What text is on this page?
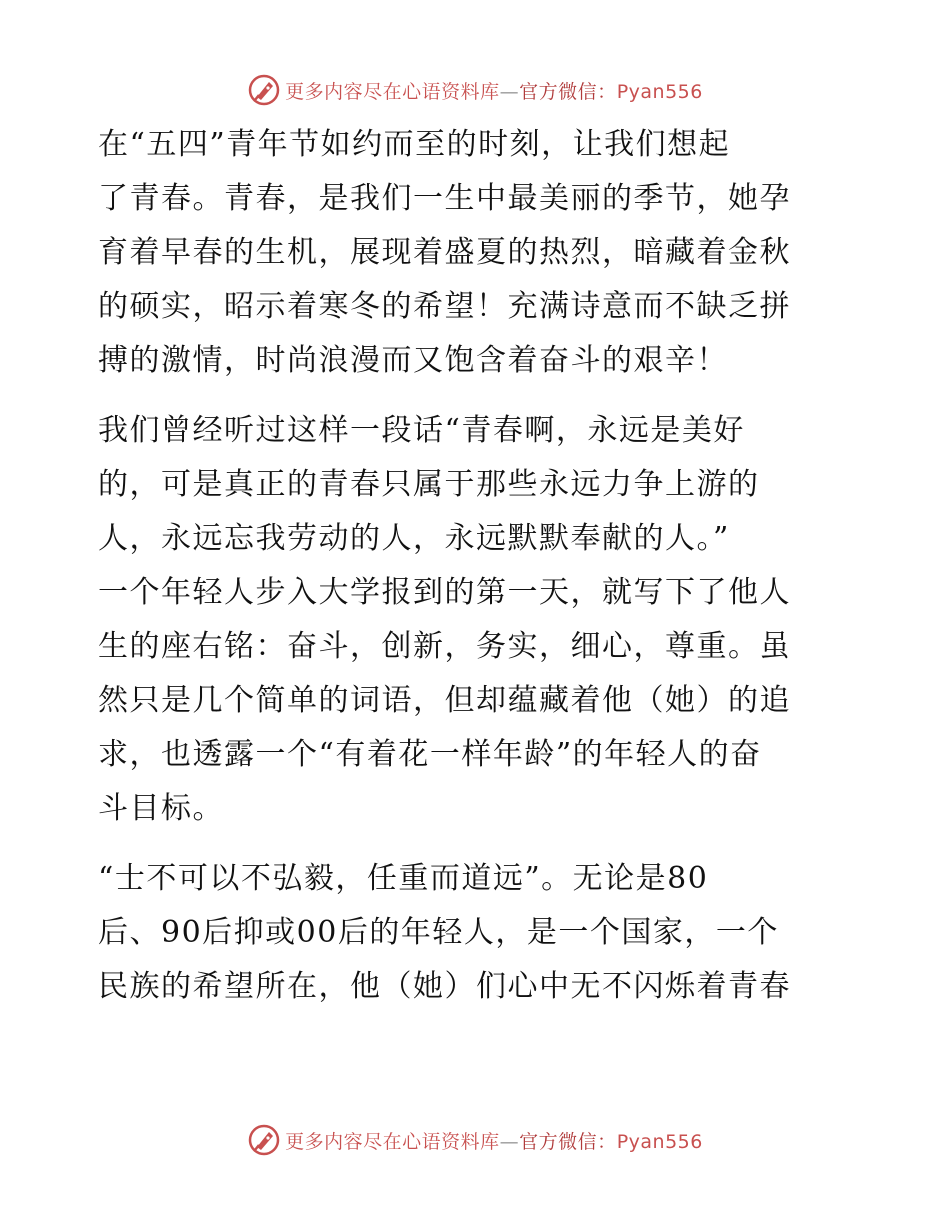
更多内容尽在心语资料库—官方微信：Pyan556
在“五四”青年节如约而至的时刻，让我们想起
了青春。青春，是我们一生中最美丽的季节，她孕
育着早春的生机，展现着盛夏的热烈，暗藏着金秋
的硕实，昭示着寒冬的希望！充满诗意而不缺乏拼
搏的激情，时尚浪漫而又饱含着奋斗的艰辛！
我们曾经听过这样一段话“青春啊，永远是美好
的，可是真正的青春只属于那些永远力争上游的
人，永远忘我劳动的人，永远默默奉献的人。”
一个年轻人步入大学报到的第一天，就写下了他人
生的座右铭：奋斗，创新，务实，细心，尊重。虽
然只是几个简单的词语，但却蕴藏着他（她）的追
求，也透露一个“有着花一样年龄”的年轻人的奋
斗目标。
“士不可以不弘毅，任重而道远”。无论是80
后、90后抑或00后的年轻人，是一个国家，一个
民族的希望所在，他（她）们心中无不闪烁着青春
更多内容尽在心语资料库—官方微信：Pyan556
